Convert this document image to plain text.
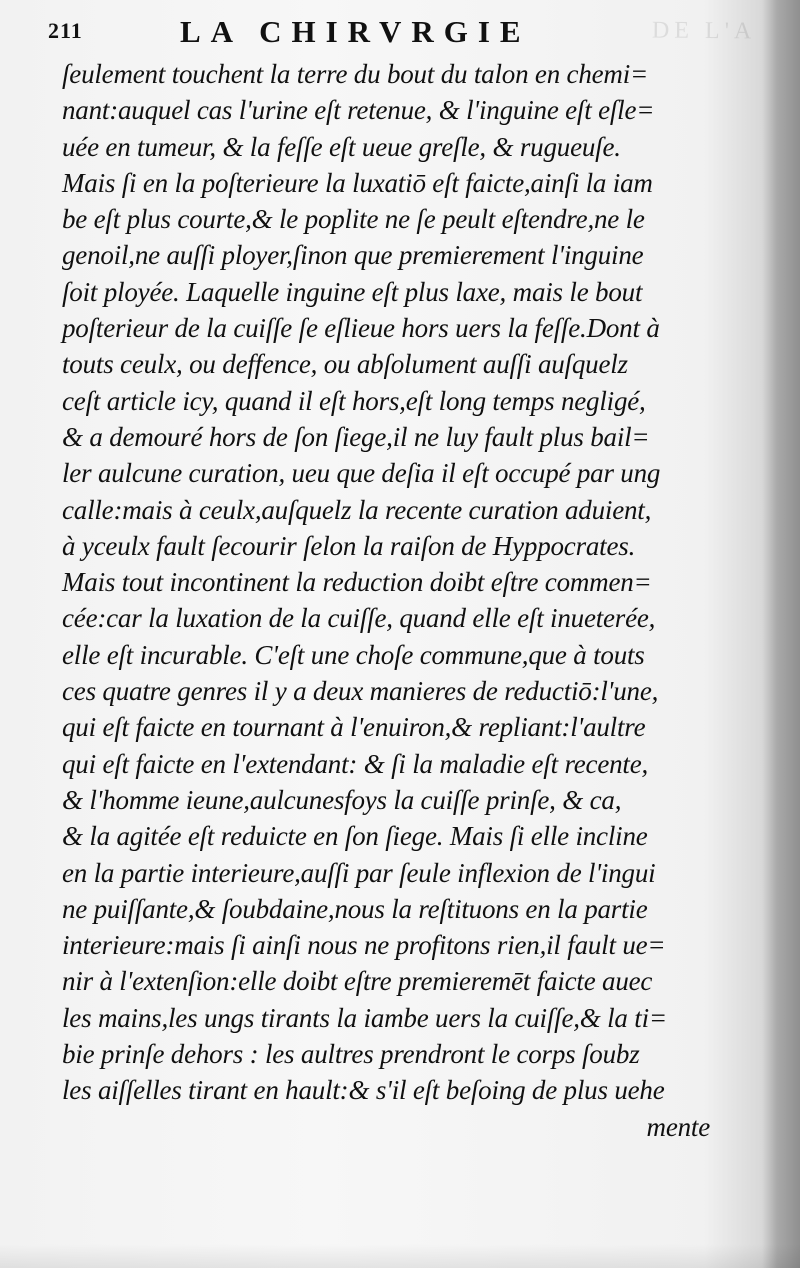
211	LA CHIRVRGIE	DE L'A
ſeulement touchent la terre du bout du talon en chemi=
nant:auquel cas l'urine eſt retenue, & l'inguine eſt eſle=
uée en tumeur, & la feſſe eſt ueue greſle, & rugueuſe.
Mais ſi en la poſterieure la luxatiō eſt faicte,ainſi la iam
be eſt plus courte,& le poplite ne ſe peult eſtendre,ne le
genoil,ne auſſi ployer,ſinon que premierement l'inguine
ſoit ployée. Laquelle inguine eſt plus laxe, mais le bout
poſterieur de la cuiſſe ſe eſlieue hors uers la feſſe.Dont à
touts ceulx, ou deffence, ou abſolument auſſi auſquelz
ceſt article icy, quand il eſt hors,eſt long temps negligé,
& a demouré hors de ſon ſiege,il ne luy fault plus bail=
ler aulcune curation, ueu que deſia il eſt occupé par ung
calle:mais à ceulx,auſquelz la recente curation aduient,
à yceulx fault ſecourir ſelon la raiſon de Hyppocrates.
Mais tout incontinent la reduction doibt eſtre commen=
cée:car la luxation de la cuiſſe, quand elle eſt inueterée,
elle eſt incurable. C'eſt une choſe commune,que à touts
ces quatre genres il y a deux manieres de reductiō:l'une,
qui eſt faicte en tournant à l'enuiron,& repliant:l'aultre
qui eſt faicte en l'extendant: & ſi la maladie eſt recente,
& l'homme ieune,aulcunesfoys la cuiſſe prinſe, & ca,
& la agitée eſt reduicte en ſon ſiege. Mais ſi elle incline
en la partie interieure,auſſi par ſeule inflexion de l'ingui
ne puiſſante,& ſoubdaine,nous la reſtituons en la partie
interieure:mais ſi ainſi nous ne profitons rien,il fault ue=
nir à l'extenſion:elle doibt eſtre premieremēt faicte auec
les mains,les ungs tirants la iambe uers la cuiſſe,& la ti=
bie prinſe dehors : les aultres prendront le corps ſoubz
les aiſſelles tirant en hault:& s'il eſt beſoing de plus uehe
mente
